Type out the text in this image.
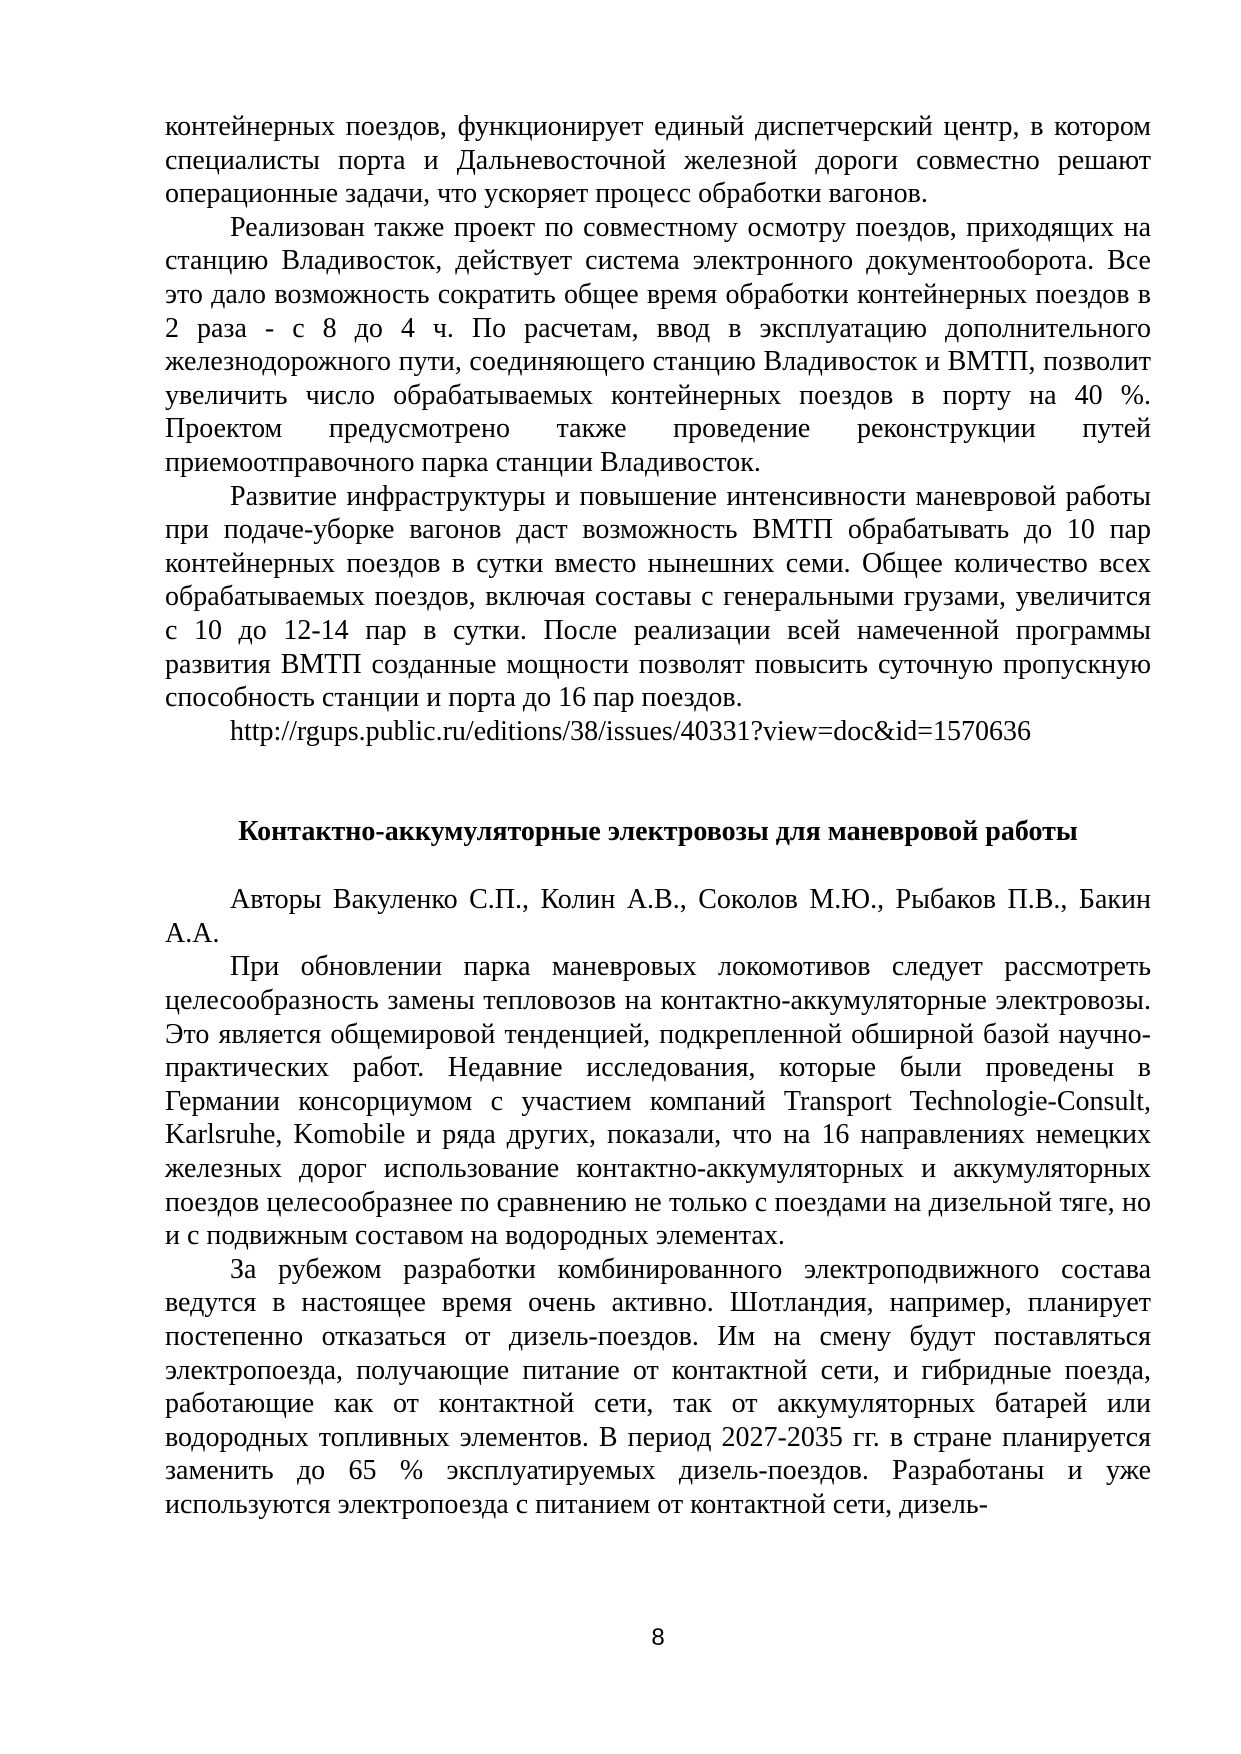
контейнерных поездов, функционирует единый диспетчерский центр, в котором специалисты порта и Дальневосточной железной дороги совместно решают операционные задачи, что ускоряет процесс обработки вагонов.

Реализован также проект по совместному осмотру поездов, приходящих на станцию Владивосток, действует система электронного документооборота. Все это дало возможность сократить общее время обработки контейнерных поездов в 2 раза - с 8 до 4 ч. По расчетам, ввод в эксплуатацию дополнительного железнодорожного пути, соединяющего станцию Владивосток и ВМТП, позволит увеличить число обрабатываемых контейнерных поездов в порту на 40 %. Проектом предусмотрено также проведение реконструкции путей приемоотправочного парка станции Владивосток.

Развитие инфраструктуры и повышение интенсивности маневровой работы при подаче-уборке вагонов даст возможность ВМТП обрабатывать до 10 пар контейнерных поездов в сутки вместо нынешних семи. Общее количество всех обрабатываемых поездов, включая составы с генеральными грузами, увеличится с 10 до 12-14 пар в сутки. После реализации всей намеченной программы развития ВМТП созданные мощности позволят повысить суточную пропускную способность станции и порта до 16 пар поездов.

http://rgups.public.ru/editions/38/issues/40331?view=doc&id=1570636

Контактно-аккумуляторные электровозы для маневровой работы

Авторы Вакуленко С.П., Колин А.В., Соколов М.Ю., Рыбаков П.В., Бакин А.А.

При обновлении парка маневровых локомотивов следует рассмотреть целесообразность замены тепловозов на контактно-аккумуляторные электровозы. Это является общемировой тенденцией, подкрепленной обширной базой научно-практических работ. Недавние исследования, которые были проведены в Германии консорциумом с участием компаний Transport Technologie-Consult, Karlsruhe, Komobile и ряда других, показали, что на 16 направлениях немецких железных дорог использование контактно-аккумуляторных и аккумуляторных поездов целесообразнее по сравнению не только с поездами на дизельной тяге, но и с подвижным составом на водородных элементах.

За рубежом разработки комбинированного электроподвижного состава ведутся в настоящее время очень активно. Шотландия, например, планирует постепенно отказаться от дизель-поездов. Им на смену будут поставляться электропоезда, получающие питание от контактной сети, и гибридные поезда, работающие как от контактной сети, так от аккумуляторных батарей или водородных топливных элементов. В период 2027-2035 гг. в стране планируется заменить до 65 % эксплуатируемых дизель-поездов. Разработаны и уже используются электропоезда с питанием от контактной сети, дизель-

8
